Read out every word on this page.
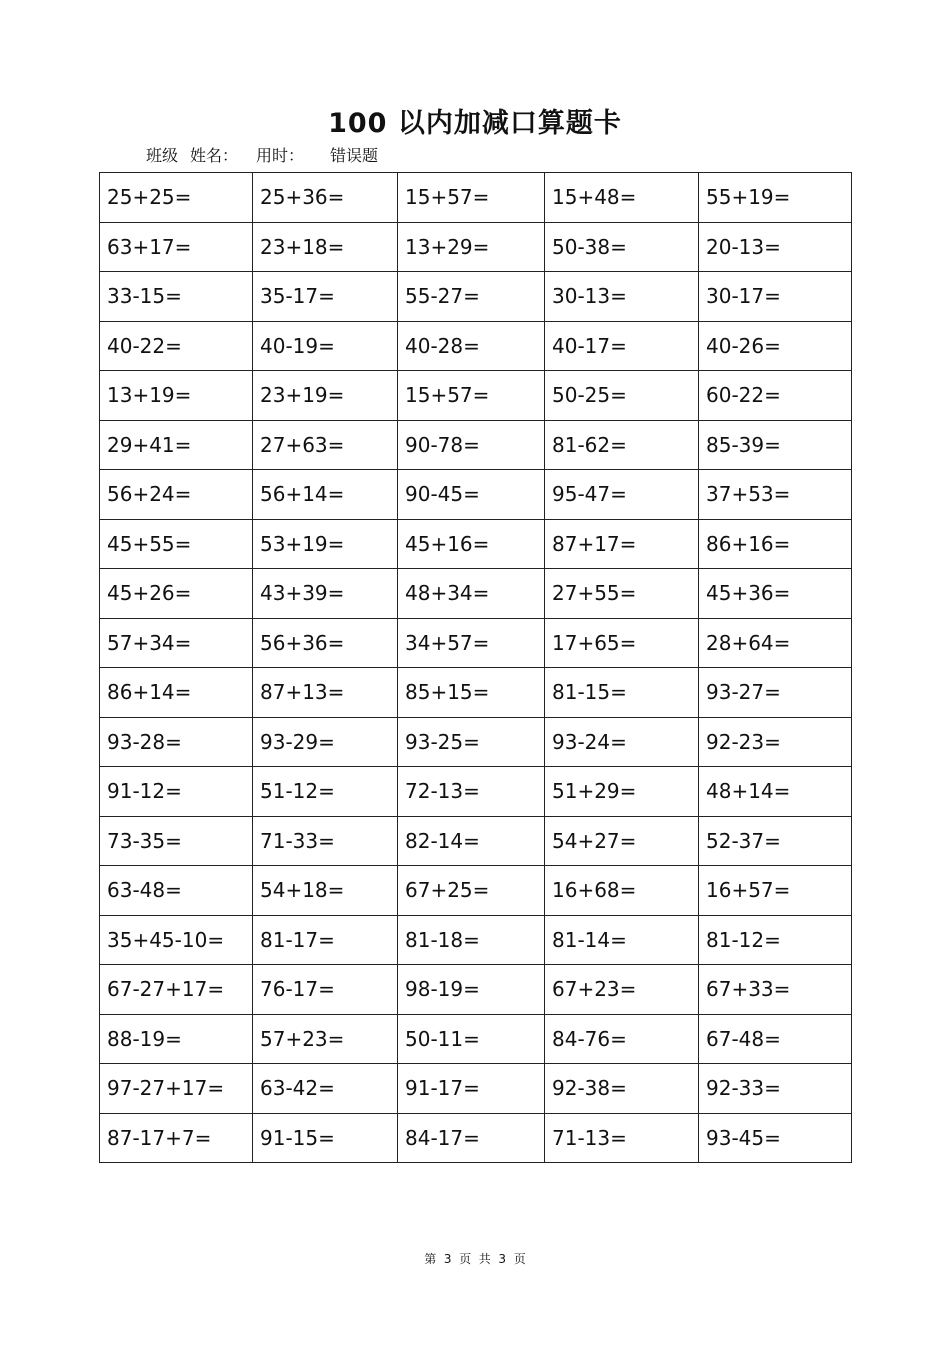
100 以内加减口算题卡
班级 姓名： 用时： 错误题
25+25=	25+36=	15+57=	15+48=	55+19=
63+17=	23+18=	13+29=	50-38=	20-13=
33-15=	35-17=	55-27=	30-13=	30-17=
40-22=	40-19=	40-28=	40-17=	40-26=
13+19=	23+19=	15+57=	50-25=	60-22=
29+41=	27+63=	90-78=	81-62=	85-39=
56+24=	56+14=	90-45=	95-47=	37+53=
45+55=	53+19=	45+16=	87+17=	86+16=
45+26=	43+39=	48+34=	27+55=	45+36=
57+34=	56+36=	34+57=	17+65=	28+64=
86+14=	87+13=	85+15=	81-15=	93-27=
93-28=	93-29=	93-25=	93-24=	92-23=
91-12=	51-12=	72-13=	51+29=	48+14=
73-35=	71-33=	82-14=	54+27=	52-37=
63-48=	54+18=	67+25=	16+68=	16+57=
35+45-10=	81-17=	81-18=	81-14=	81-12=
67-27+17=	76-17=	98-19=	67+23=	67+33=
88-19=	57+23=	50-11=	84-76=	67-48=
97-27+17=	63-42=	91-17=	92-38=	92-33=
87-17+7=	91-15=	84-17=	71-13=	93-45=
第  3  页  共  3  页
